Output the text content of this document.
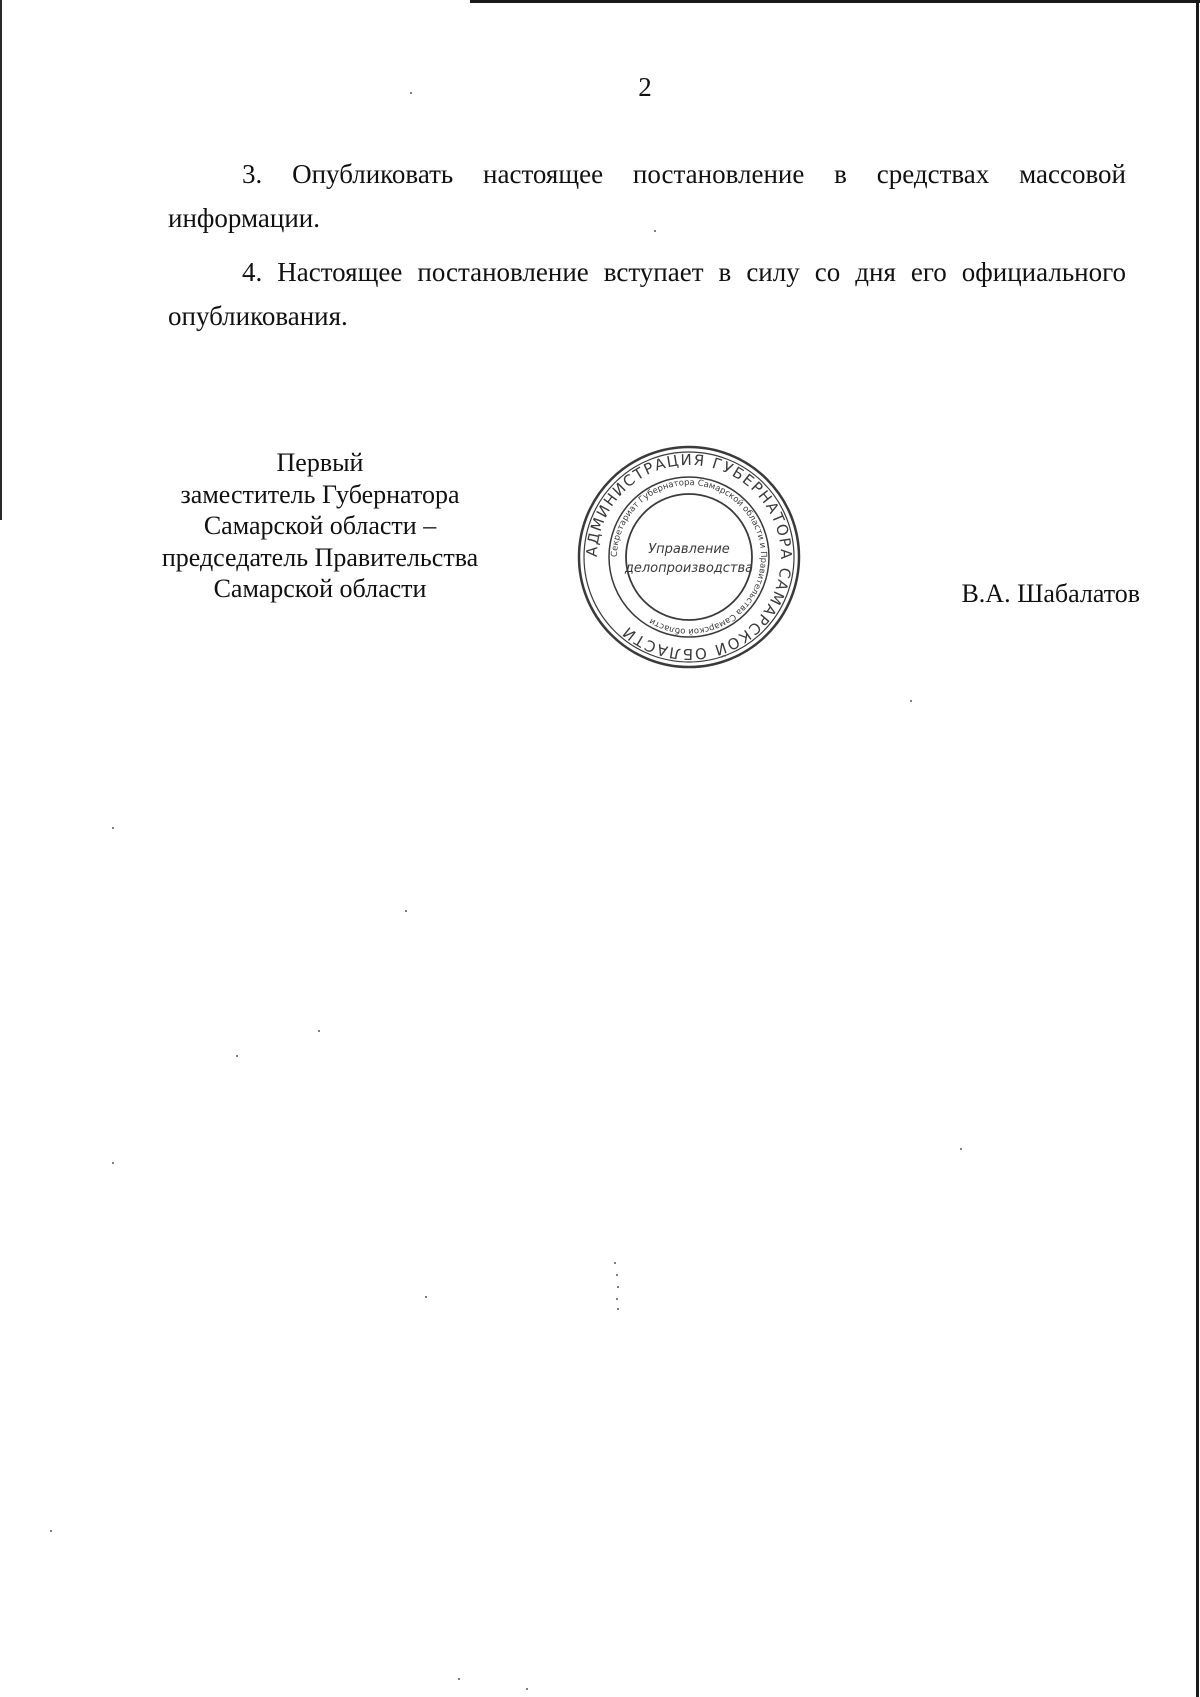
2
3. Опубликовать настоящее постановление в средствах массовой информации.
4. Настоящее постановление вступает в силу со дня его официального опубликования.
Первый
заместитель Губернатора
Самарской области –
председатель Правительства
Самарской области
АДМИНИСТРАЦИЯ ГУБЕРНАТОРА САМАРСКОЙ ОБЛАСТИ
Секретариат Губернатора Самарской области и Правительства Самарской области
Управление
делопроизводства
В.А. Шабалатов
